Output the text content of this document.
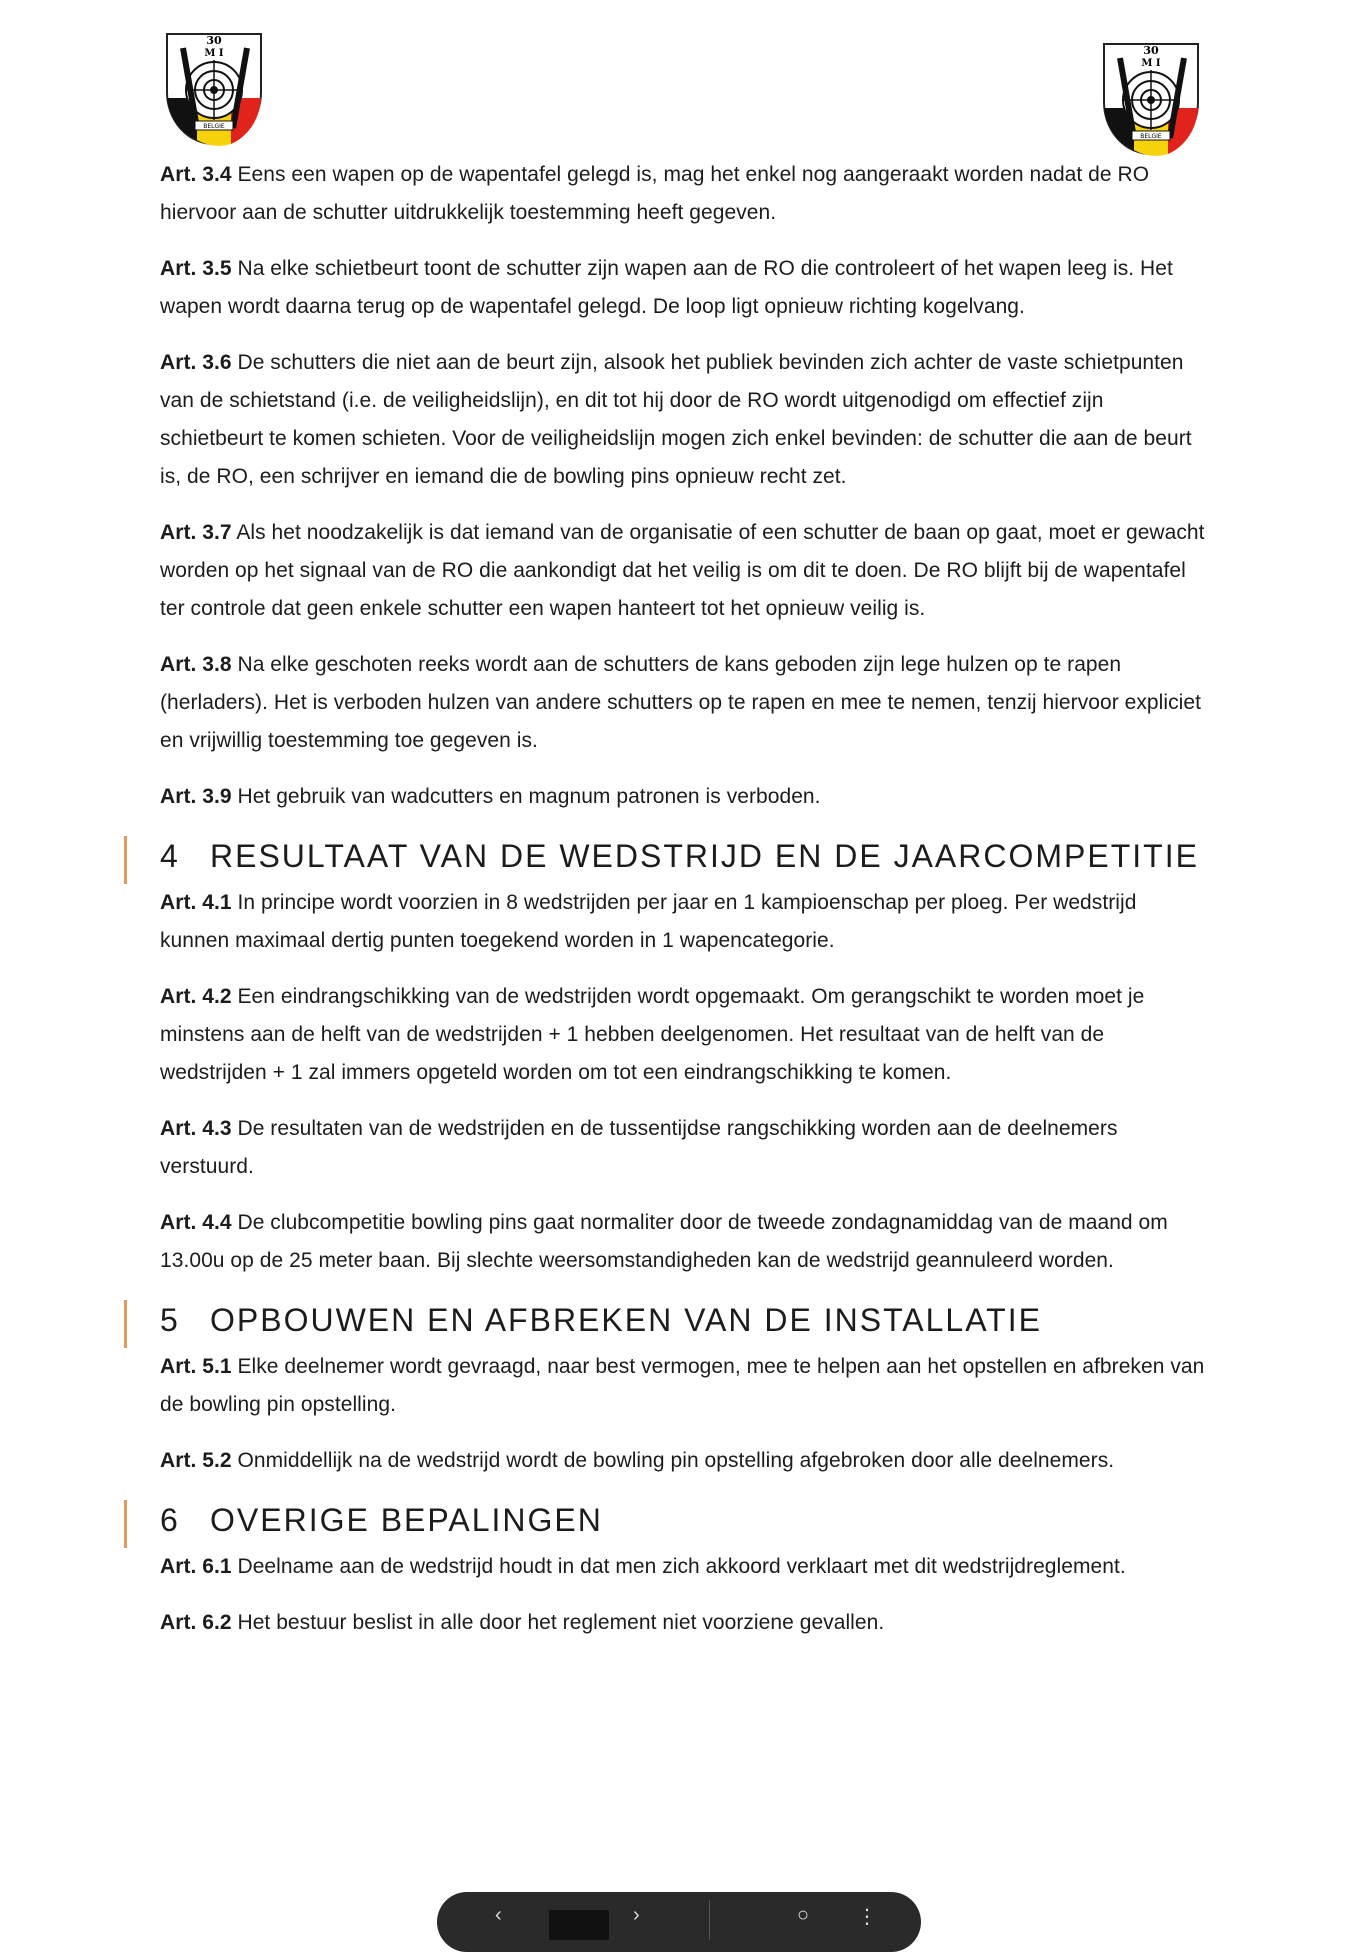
30
M I
BELGIE
30
M I
BELGIE

Art. 3.4 Eens een wapen op de wapentafel gelegd is, mag het enkel nog aangeraakt worden nadat de RO hiervoor aan de schutter uitdrukkelijk toestemming heeft gegeven.

Art. 3.5 Na elke schietbeurt toont de schutter zijn wapen aan de RO die controleert of het wapen leeg is. Het wapen wordt daarna terug op de wapentafel gelegd. De loop ligt opnieuw richting kogelvang.

Art. 3.6 De schutters die niet aan de beurt zijn, alsook het publiek bevinden zich achter de vaste schietpunten van de schietstand (i.e. de veiligheidslijn), en dit tot hij door de RO wordt uitgenodigd om effectief zijn schietbeurt te komen schieten. Voor de veiligheidslijn mogen zich enkel bevinden: de schutter die aan de beurt is, de RO, een schrijver en iemand die de bowling pins opnieuw recht zet.

Art. 3.7 Als het noodzakelijk is dat iemand van de organisatie of een schutter de baan op gaat, moet er gewacht worden op het signaal van de RO die aankondigt dat het veilig is om dit te doen. De RO blijft bij de wapentafel ter controle dat geen enkele schutter een wapen hanteert tot het opnieuw veilig is.

Art. 3.8 Na elke geschoten reeks wordt aan de schutters de kans geboden zijn lege hulzen op te rapen (herladers). Het is verboden hulzen van andere schutters op te rapen en mee te nemen, tenzij hiervoor expliciet en vrijwillig toestemming toe gegeven is.

Art. 3.9 Het gebruik van wadcutters en magnum patronen is verboden.

4 RESULTAAT VAN DE WEDSTRIJD EN DE JAARCOMPETITIE

Art. 4.1 In principe wordt voorzien in 8 wedstrijden per jaar en 1 kampioenschap per ploeg. Per wedstrijd kunnen maximaal dertig punten toegekend worden in 1 wapencategorie.

Art. 4.2 Een eindrangschikking van de wedstrijden wordt opgemaakt. Om gerangschikt te worden moet je minstens aan de helft van de wedstrijden + 1 hebben deelgenomen. Het resultaat van de helft van de wedstrijden + 1 zal immers opgeteld worden om tot een eindrangschikking te komen.

Art. 4.3 De resultaten van de wedstrijden en de tussentijdse rangschikking worden aan de deelnemers verstuurd.

Art. 4.4 De clubcompetitie bowling pins gaat normaliter door de tweede zondagnamiddag van de maand om 13.00u op de 25 meter baan. Bij slechte weersomstandigheden kan de wedstrijd geannuleerd worden.

5 OPBOUWEN EN AFBREKEN VAN DE INSTALLATIE

Art. 5.1 Elke deelnemer wordt gevraagd, naar best vermogen, mee te helpen aan het opstellen en afbreken van de bowling pin opstelling.

Art. 5.2 Onmiddellijk na de wedstrijd wordt de bowling pin opstelling afgebroken door alle deelnemers.

6 OVERIGE BEPALINGEN

Art. 6.1 Deelname aan de wedstrijd houdt in dat men zich akkoord verklaart met dit wedstrijdreglement.

Art. 6.2 Het bestuur beslist in alle door het reglement niet voorziene gevallen.

‹	›	○ ⋮
